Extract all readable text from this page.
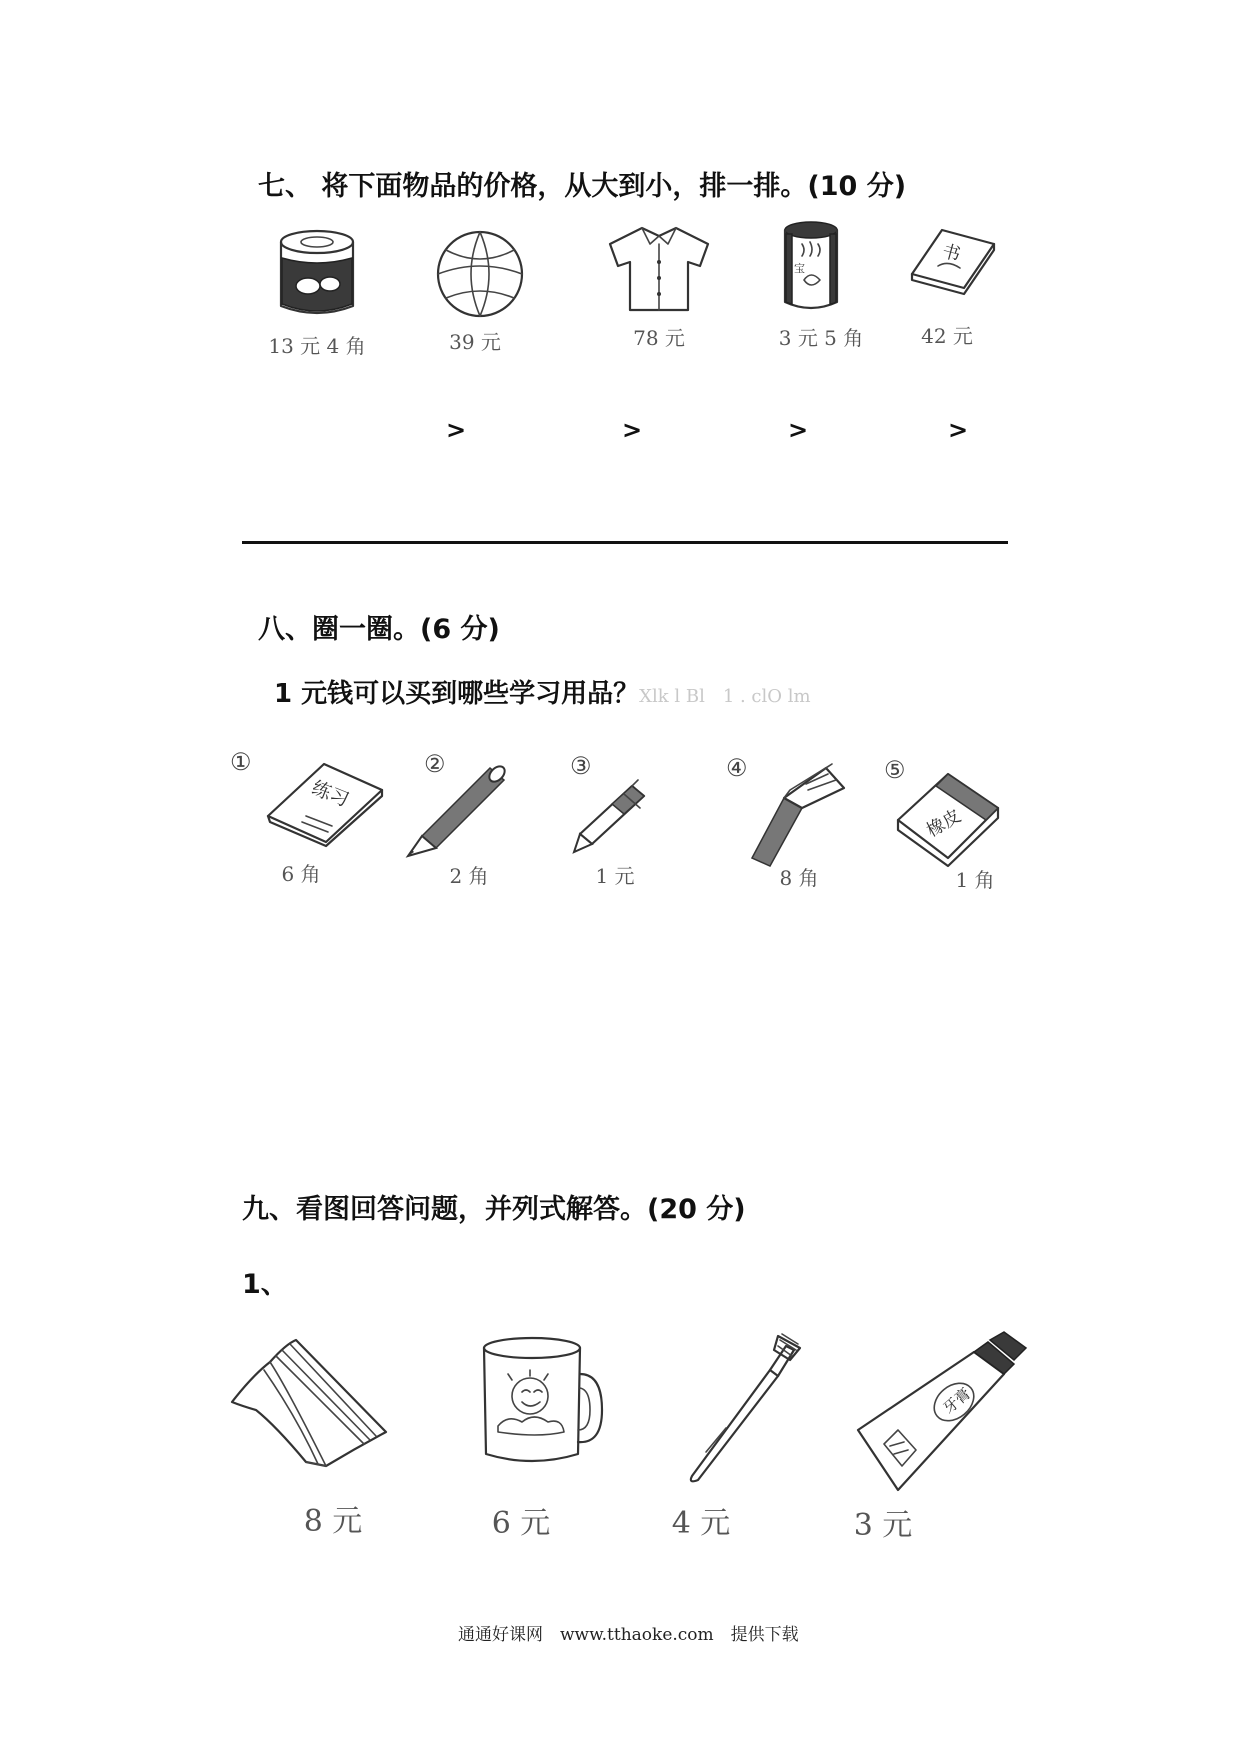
七、 将下面物品的价格，从大到小，排一排。(10 分)
13 元 4 角	39 元	78 元
宝
3 元 5 角
书
42 元
>	>	>	>
八、圈一圈。(6 分)
1 元钱可以买到哪些学习用品？Xlk l Bl　1 . clO lm
①	②	③	④	⑤
练习
6 角	2 角	1 元	8 角
橡皮
1 角
九、看图回答问题，并列式解答。(20 分)
1、
8 元	6 元	4 元
牙膏
3 元
通通好课网　www.tthaoke.com　提供下载
